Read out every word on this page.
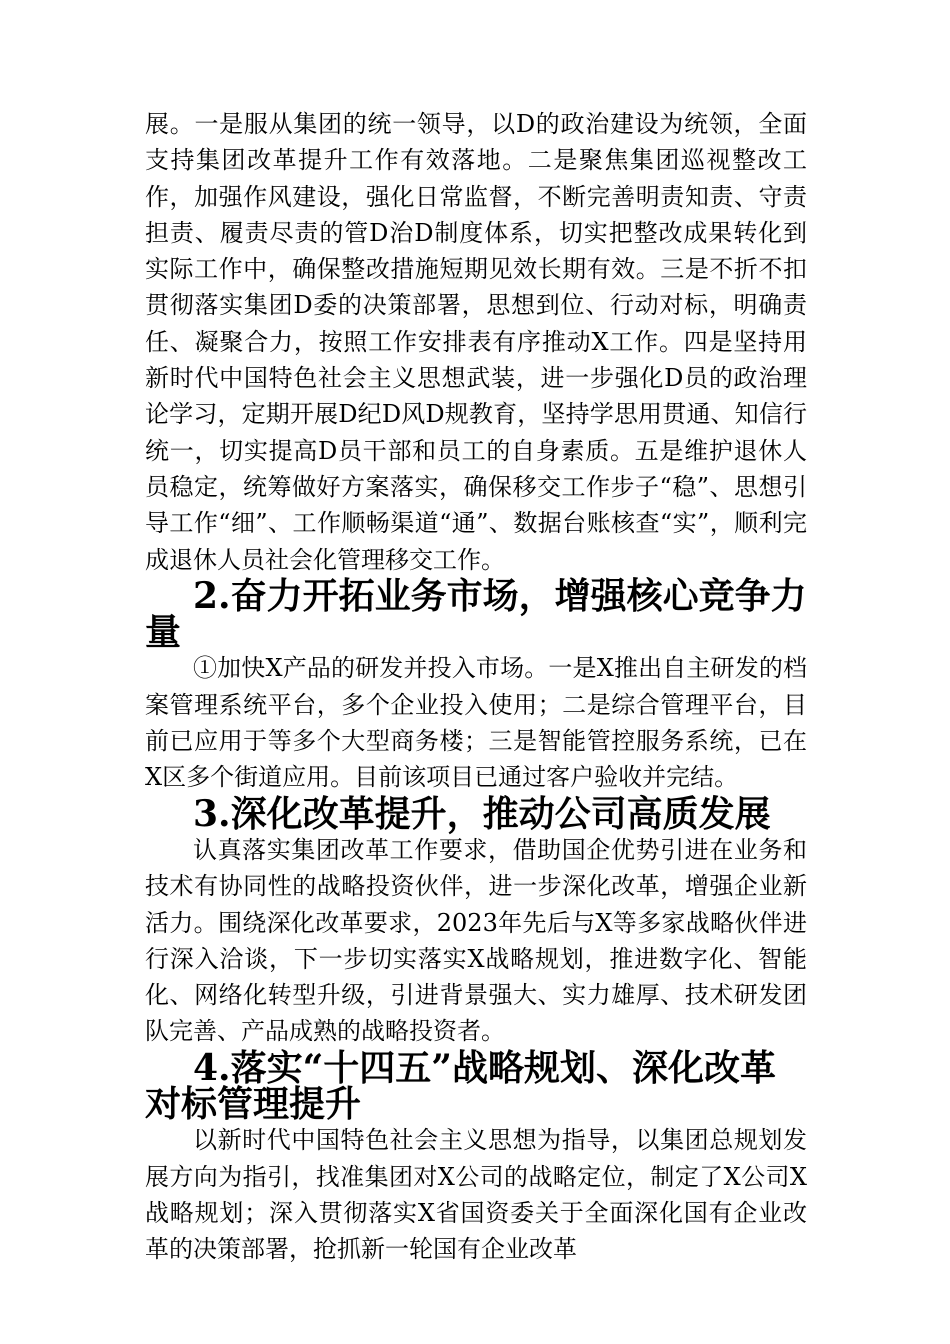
展。一是服从集团的统一领导，以D的政治建设为统领，全面支持集团改革提升工作有效落地。二是聚焦集团巡视整改工作，加强作风建设，强化日常监督，不断完善明责知责、守责担责、履责尽责的管D治D制度体系，切实把整改成果转化到实际工作中，确保整改措施短期见效长期有效。三是不折不扣贯彻落实集团D委的决策部署，思想到位、行动对标，明确责任、凝聚合力，按照工作安排表有序推动X工作。四是坚持用新时代中国特色社会主义思想武装，进一步强化D员的政治理论学习，定期开展D纪D风D规教育，坚持学思用贯通、知信行统一，切实提高D员干部和员工的自身素质。五是维护退休人员稳定，统筹做好方案落实，确保移交工作步子“稳”、思想引导工作“细”、工作顺畅渠道“通”、数据台账核查“实”，顺利完成退休人员社会化管理移交工作。

2.奋力开拓业务市场，增强核心竞争力量

①加快X产品的研发并投入市场。一是X推出自主研发的档案管理系统平台，多个企业投入使用；二是综合管理平台，目前已应用于等多个大型商务楼；三是智能管控服务系统，已在X区多个街道应用。目前该项目已通过客户验收并完结。

3.深化改革提升，推动公司高质发展

认真落实集团改革工作要求，借助国企优势引进在业务和技术有协同性的战略投资伙伴，进一步深化改革，增强企业新活力。围绕深化改革要求，2023年先后与X等多家战略伙伴进行深入洽谈，下一步切实落实X战略规划，推进数字化、智能化、网络化转型升级，引进背景强大、实力雄厚、技术研发团队完善、产品成熟的战略投资者。

4.落实“十四五”战略规划、深化改革对标管理提升

以新时代中国特色社会主义思想为指导，以集团总规划发展方向为指引，找准集团对X公司的战略定位，制定了X公司X战略规划；深入贯彻落实X省国资委关于全面深化国有企业改革的决策部署，抢抓新一轮国有企业改革
